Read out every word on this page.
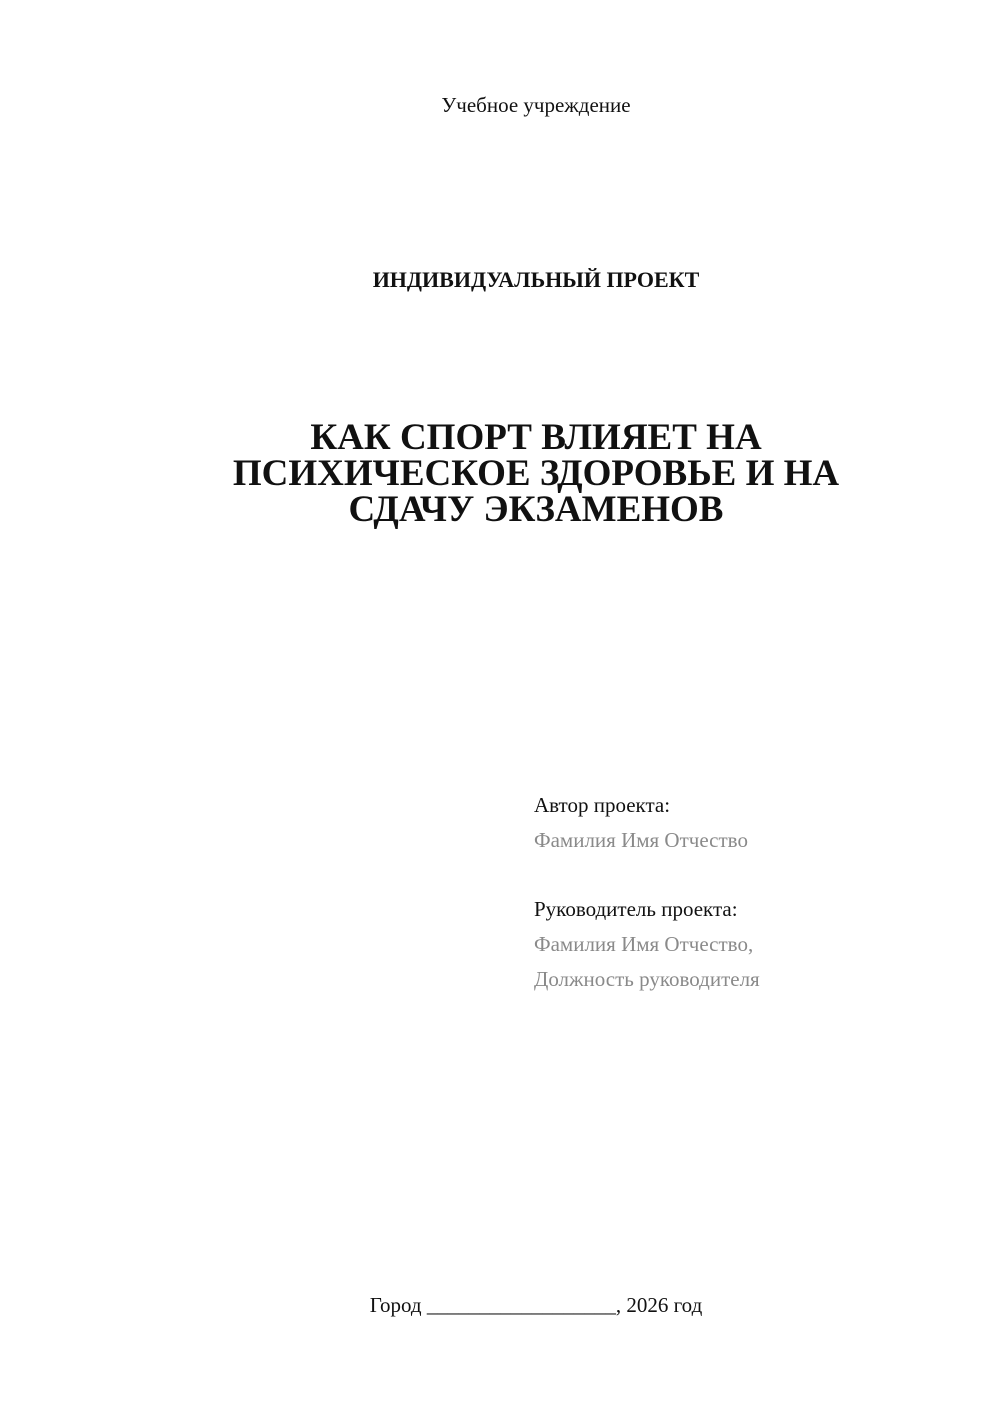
Учебное учреждение
ИНДИВИДУАЛЬНЫЙ ПРОЕКТ
КАК СПОРТ ВЛИЯЕТ НА
ПСИХИЧЕСКОЕ ЗДОРОВЬЕ И НА
СДАЧУ ЭКЗАМЕНОВ
Автор проекта:
Фамилия Имя Отчество
Руководитель проекта:
Фамилия Имя Отчество,
Должность руководителя
Город __________________, 2026 год
